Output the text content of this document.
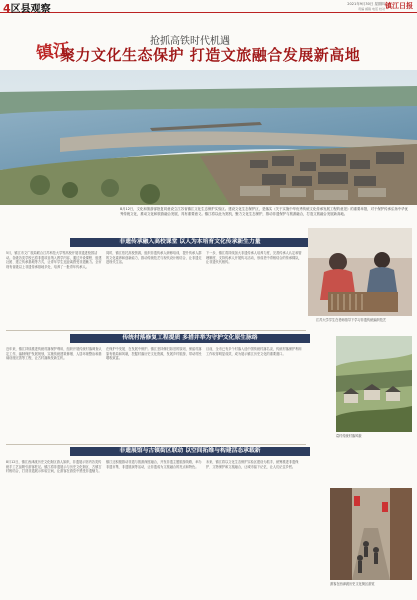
4区县观察	2021年9月30日 星期四
责编 邮箱 电话 校对 镇江日报
抢抓高铁时代机遇
镇江
聚力文化生态保护 打造文旅融合发展新高地
8月12日，文化和旅游部批复同意设立江苏省镇江文化生态保护实验区。建设文化生态保护区，是落实《关于实施中华优秀传统文化传承发展工程的意见》的重要举措，对于保护传承弘扬中华优秀传统文化，推动文化和旅游融合发展，具有重要意义。镇江将以此为契机，聚力文化生态保护，推动非遗保护与旅游融合，打造文旅融合发展新高地。
非遗传承融入高校课堂 以人为本培育文化传承新生力量
5月，镇江市文广旅局联合江苏科技大学等高校开展非遗进校园活动。各级各类学校已将非遗项目纳入教学内容，通过开设课程、组建社团、建立传承基地等方式，让青年学生近距离感受非遗魅力。全市现有省级以上非遗传承基地多处，培养了一批青年传承人。
同时，镇江依托高校资源，组织非遗传承人研修培训，提升传承人群的文化素养和创新能力，推动传统技艺与现代设计相结合，让非遗走进现代生活。
下一步，镇江将持续加大非遗传承人培养力度，完善传承人认定和管理制度，支持传承人开展传习活动，形成老中青相结合的传承梯队，让非遗代代相传。
江苏大学学生在老师指导下学习非遗传统编织技艺
传统村落修复工程提质 多措并举为守护文化原生脉络
近年来，镇江持续推进传统村落保护利用，组织开展传统村落调查认定工作，编制保护发展规划，实施传统建筑修缮、人居环境整治和基础设施完善等工程，让古村落焕发新生机。
在保护中发展、在发展中保护。镇江坚持修旧如旧的原则，保留村落原有格局和风貌，挖掘村落历史文化资源，发展乡村旅游，带动村民增收致富。
目前，全市已有多个村落入选中国传统村落名录，传统村落保护利用工作取得明显成效，成为展示镇江历史文化的重要窗口。
葛村传统村落风貌
非遗展馆与古镇街区联动 以空间拓维与构建活态承载新
8月12日，镇江西津渡历史文化街区游人如织，非遗展示馆内各类传统手工艺品吸引游客驻足。镇江将非遗展示与历史文化街区、古镇古村相结合，打造非遗展示体验空间，让游客在游览中感受非遗魅力。
镇江还积极推动非遗与旅游深度融合，开发非遗主题旅游线路，举办非遗市集、非遗展演等活动，让非遗成为文旅融合的亮点和特色。
未来，镇江将以文化生态保护实验区建设为抓手，统筹推进非遗保护、文物保护和文旅融合，让城市留下记忆，让人们记住乡愁。
游客在西津渡历史文化街区游览
